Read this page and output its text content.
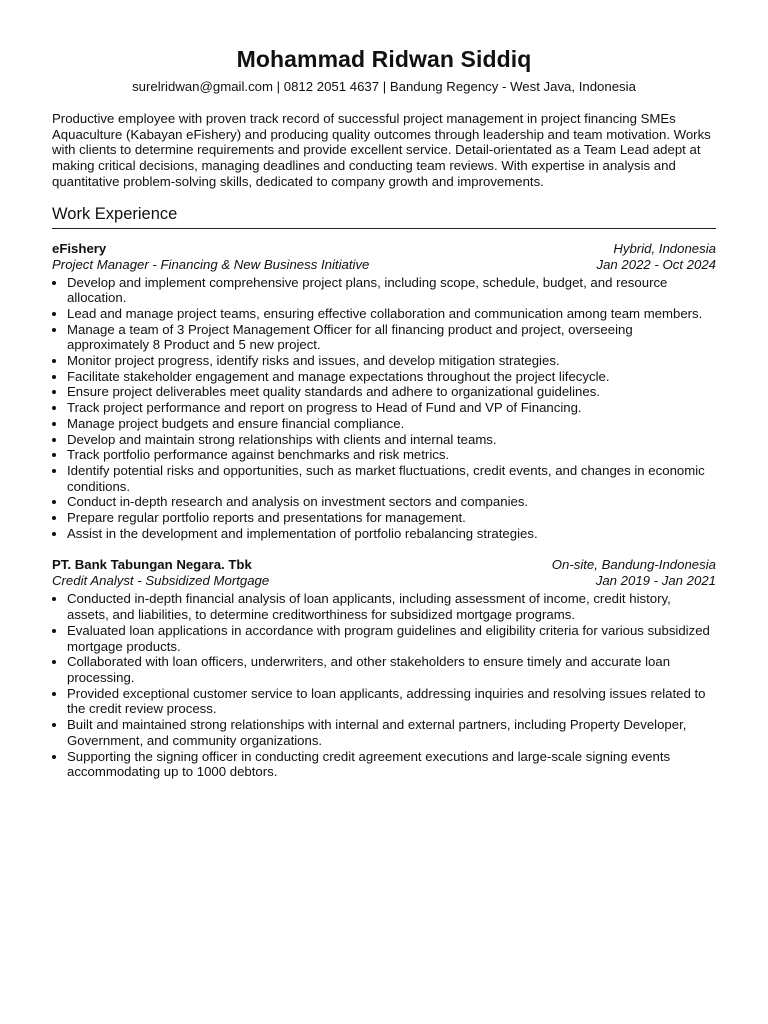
Mohammad Ridwan Siddiq
surelridwan@gmail.com | 0812 2051 4637 | Bandung Regency - West Java, Indonesia
Productive employee with proven track record of successful project management in project financing SMEs Aquaculture (Kabayan eFishery) and producing quality outcomes through leadership and team motivation. Works with clients to determine requirements and provide excellent service. Detail-orientated as a Team Lead adept at making critical decisions, managing deadlines and conducting team reviews. With expertise in analysis and quantitative problem-solving skills, dedicated to company growth and improvements.
Work Experience
eFishery	Hybrid, Indonesia
Project Manager - Financing & New Business Initiative	Jan 2022 - Oct 2024
• Develop and implement comprehensive project plans, including scope, schedule, budget, and resource allocation.
• Lead and manage project teams, ensuring effective collaboration and communication among team members.
• Manage a team of 3 Project Management Officer for all financing product and project, overseeing approximately 8 Product and 5 new project.
• Monitor project progress, identify risks and issues, and develop mitigation strategies.
• Facilitate stakeholder engagement and manage expectations throughout the project lifecycle.
• Ensure project deliverables meet quality standards and adhere to organizational guidelines.
• Track project performance and report on progress to Head of Fund and VP of Financing.
• Manage project budgets and ensure financial compliance.
• Develop and maintain strong relationships with clients and internal teams.
• Track portfolio performance against benchmarks and risk metrics.
• Identify potential risks and opportunities, such as market fluctuations, credit events, and changes in economic conditions.
• Conduct in-depth research and analysis on investment sectors and companies.
• Prepare regular portfolio reports and presentations for management.
• Assist in the development and implementation of portfolio rebalancing strategies.
PT. Bank Tabungan Negara. Tbk	On-site, Bandung-Indonesia
Credit Analyst - Subsidized Mortgage	Jan 2019 - Jan 2021
• Conducted in-depth financial analysis of loan applicants, including assessment of income, credit history, assets, and liabilities, to determine creditworthiness for subsidized mortgage programs.
• Evaluated loan applications in accordance with program guidelines and eligibility criteria for various subsidized mortgage products.
• Collaborated with loan officers, underwriters, and other stakeholders to ensure timely and accurate loan processing.
• Provided exceptional customer service to loan applicants, addressing inquiries and resolving issues related to the credit review process.
• Built and maintained strong relationships with internal and external partners, including Property Developer, Government, and community organizations.
• Supporting the signing officer in conducting credit agreement executions and large-scale signing events accommodating up to 1000 debtors.
